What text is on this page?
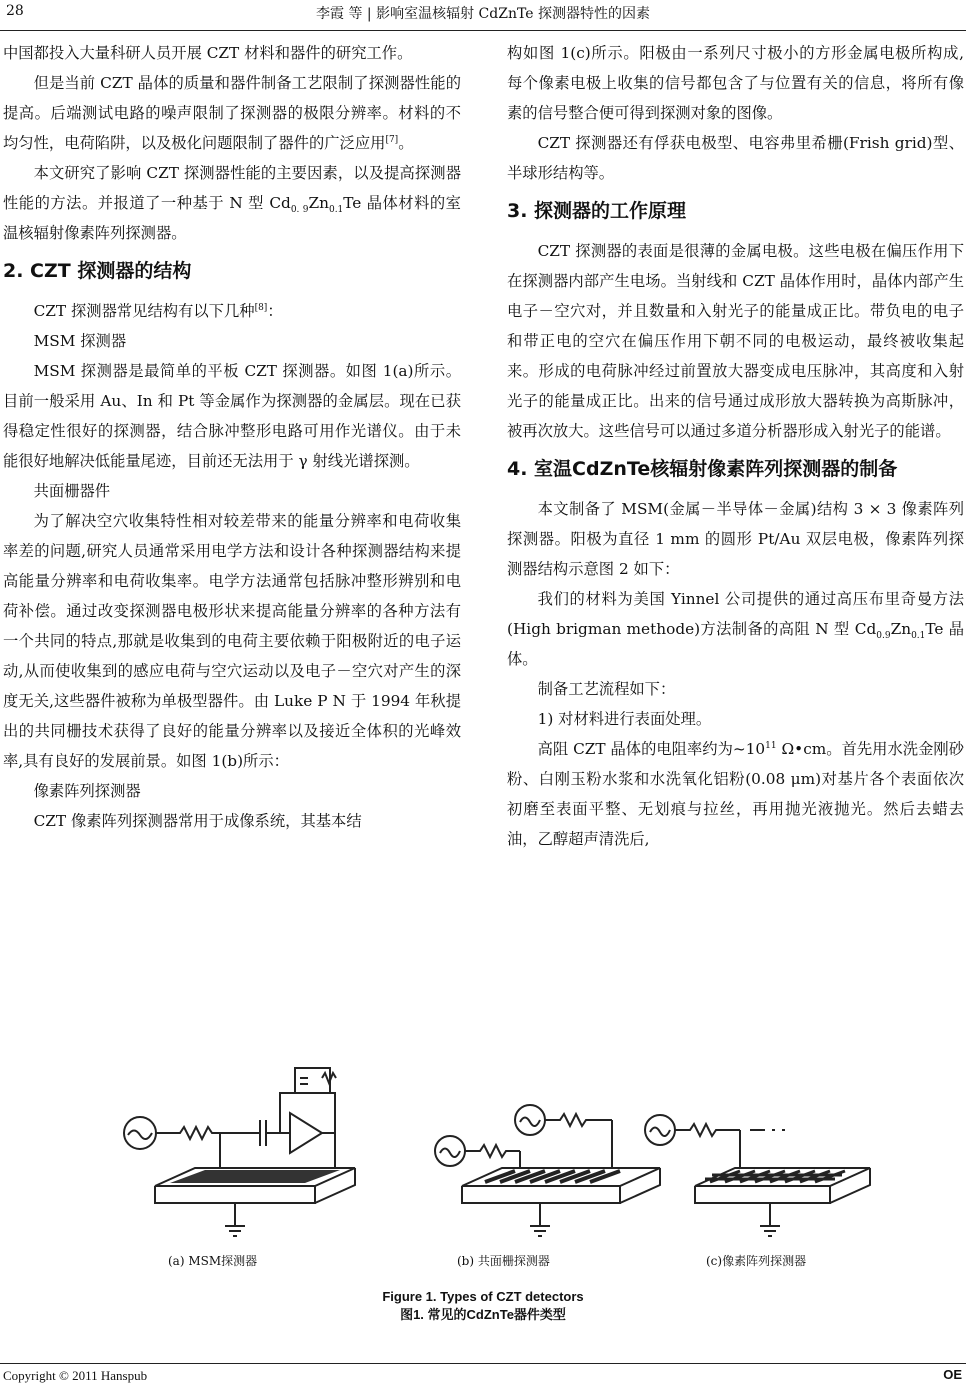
28	李霞 等 | 影响室温核辐射 CdZnTe 探测器特性的因素

中国都投入大量科研人员开展 CZT 材料和器件的研究工作。

但是当前 CZT 晶体的质量和器件制备工艺限制了探测器性能的提高。后端测试电路的噪声限制了探测器的极限分辨率。材料的不均匀性，电荷陷阱，以及极化问题限制了器件的广泛应用[7]。

本文研究了影响 CZT 探测器性能的主要因素，以及提高探测器性能的方法。并报道了一种基于 N 型 $Cd_{0. 9}Zn_{0.1}Te$ 晶体材料的室温核辐射像素阵列探测器。

2. CZT 探测器的结构

CZT 探测器常见结构有以下几种[8]：

MSM 探测器

MSM 探测器是最简单的平板 CZT 探测器。如图 1(a)所示。目前一般采用 Au、In 和 Pt 等金属作为探测器的金属层。现在已获得稳定性很好的探测器，结合脉冲整形电路可用作光谱仪。由于未能很好地解决低能量尾迹，目前还无法用于 γ 射线光谱探测。

共面栅器件

为了解决空穴收集特性相对较差带来的能量分辨率和电荷收集率差的问题,研究人员通常采用电学方法和设计各种探测器结构来提高能量分辨率和电荷收集率。电学方法通常包括脉冲整形辨别和电荷补偿。通过改变探测器电极形状来提高能量分辨率的各种方法有一个共同的特点,那就是收集到的电荷主要依赖于阳极附近的电子运动,从而使收集到的感应电荷与空穴运动以及电子－空穴对产生的深度无关,这些器件被称为单极型器件。由 Luke P N 于 1994 年秋提出的共同栅技术获得了良好的能量分辨率以及接近全体积的光峰效率,具有良好的发展前景。如图 1(b)所示：

像素阵列探测器

CZT 像素阵列探测器常用于成像系统，其基本结

构如图 1(c)所示。阳极由一系列尺寸极小的方形金属电极所构成, 每个像素电极上收集的信号都包含了与位置有关的信息，将所有像素的信号整合便可得到探测对象的图像。

CZT 探测器还有俘获电极型、电容弗里希栅(Frish grid)型、半球形结构等。

3. 探测器的工作原理

CZT 探测器的表面是很薄的金属电极。这些电极在偏压作用下在探测器内部产生电场。当射线和 CZT 晶体作用时，晶体内部产生电子－空穴对，并且数量和入射光子的能量成正比。带负电的电子和带正电的空穴在偏压作用下朝不同的电极运动，最终被收集起来。形成的电荷脉冲经过前置放大器变成电压脉冲，其高度和入射光子的能量成正比。出来的信号通过成形放大器转换为高斯脉冲，被再次放大。这些信号可以通过多道分析器形成入射光子的能谱。

4. 室温CdZnTe核辐射像素阵列探测器的制备

本文制备了 MSM(金属－半导体－金属)结构 3 × 3 像素阵列探测器。阳极为直径 1 mm 的圆形 Pt/Au 双层电极，像素阵列探测器结构示意图 2 如下：

我们的材料为美国 Yinnel 公司提供的通过高压布里奇曼方法(High brigman methode)方法制备的高阻 N 型 $Cd_{0.9}Zn_{0.1}Te$ 晶体。

制备工艺流程如下：

1) 对材料进行表面处理。

高阻 CZT 晶体的电阻率约为$\sim 10^{11}$ Ω•cm。首先用水洗金刚砂粉、白刚玉粉水浆和水洗氧化铝粉(0.08 μm)对基片各个表面依次初磨至表面平整、无划痕与拉丝，再用抛光液抛光。然后去蜡去油，乙醇超声清洗后,

(a) MSM探测器	(b) 共面栅探测器	(c)像素阵列探测器
Figure 1. Types of CZT detectors
图1. 常见的CdZnTe器件类型
Copyright © 2011 Hanspub	OE
